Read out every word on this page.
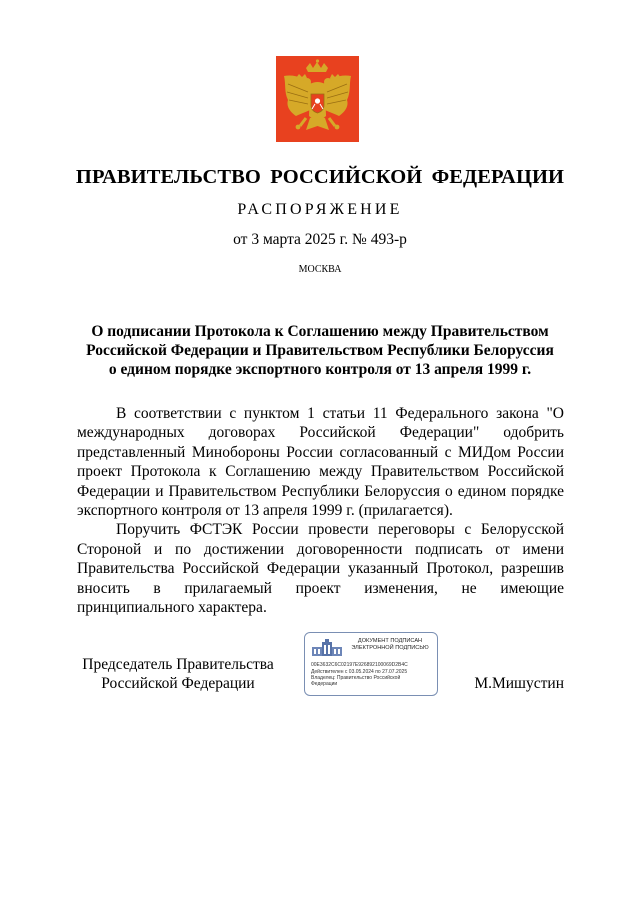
ПРАВИТЕЛЬСТВО РОССИЙСКОЙ ФЕДЕРАЦИИ
РАСПОРЯЖЕНИЕ
от 3 марта 2025 г. № 493-р
МОСКВА
О подписании Протокола к Соглашению между Правительством
Российской Федерации и Правительством Республики Белоруссия
о едином порядке экспортного контроля от 13 апреля 1999 г.

В соответствии с пунктом 1 статьи 11 Федерального закона "О международных договорах Российской Федерации" одобрить представленный Минобороны России согласованный с МИДом России проект Протокола к Соглашению между Правительством Российской Федерации и Правительством Республики Белоруссия о едином порядке экспортного контроля от 13 апреля 1999 г. (прилагается).

Поручить ФСТЭК России провести переговоры с Белорусской Стороной и по достижении договоренности подписать от имени Правительства Российской Федерации указанный Протокол, разрешив вносить в прилагаемый проект изменения, не имеющие принципиального характера.

Председатель Правительства
Российской Федерации
ДОКУМЕНТ ПОДПИСАН
ЭЛЕКТРОННОЙ ПОДПИСЬЮ
00E3632C6C02197E926892100069D2B4C
Действителен с 03.05.2024 по 27.07.2025
Владелец: Правительство Российской
Федерации	М.Мишустин
